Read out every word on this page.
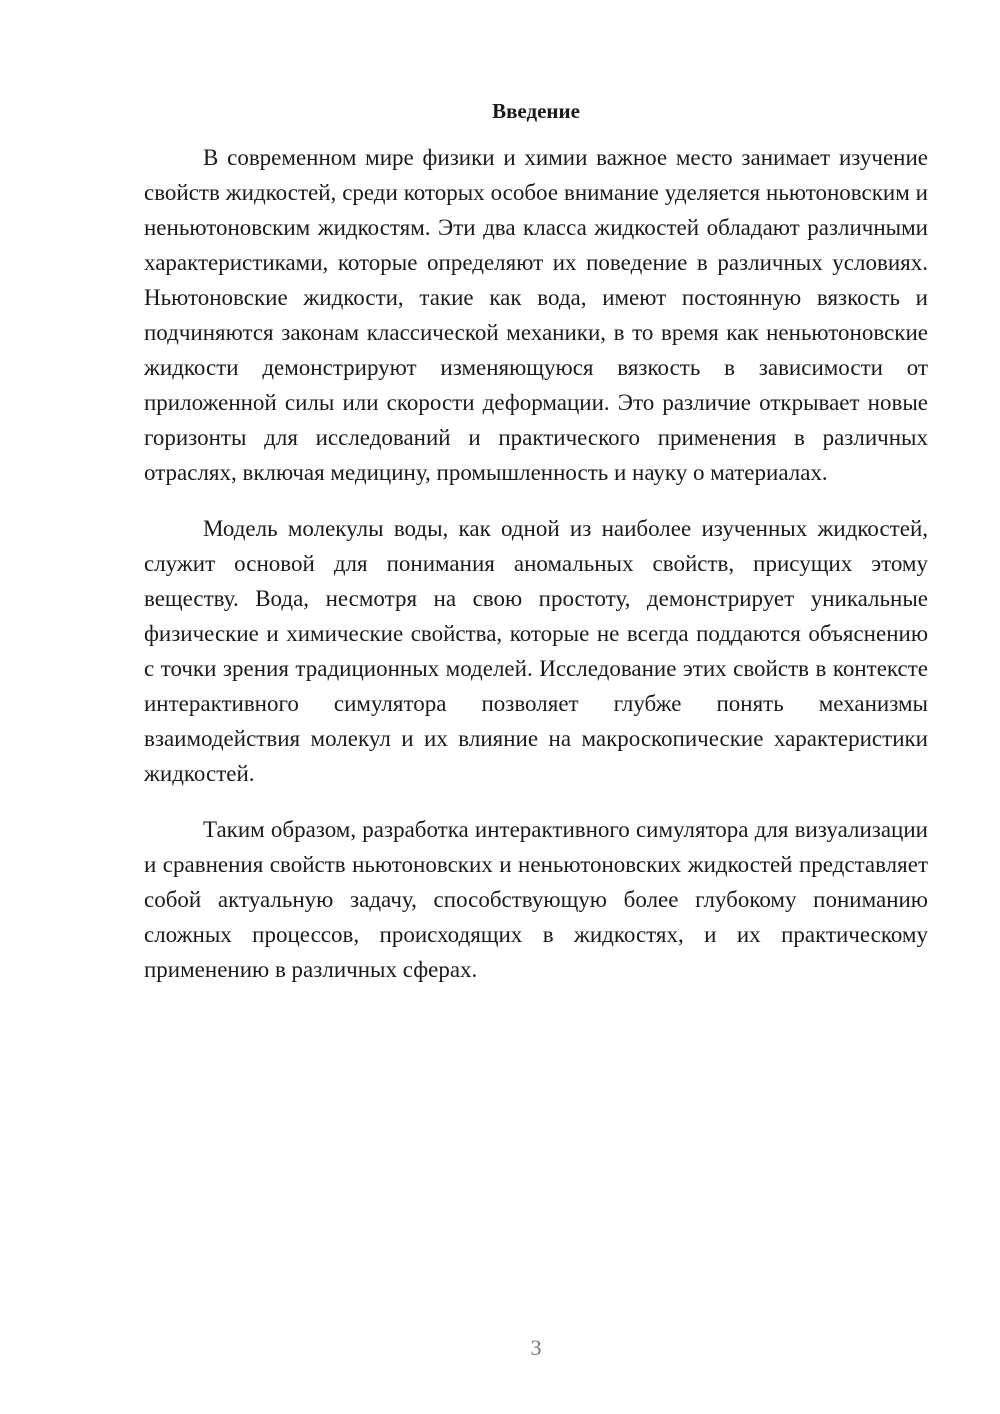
Введение

В современном мире физики и химии важное место занимает изучение свойств жидкостей, среди которых особое внимание уделяется ньютоновским и неньютоновским жидкостям. Эти два класса жидкостей обладают различными характеристиками, которые определяют их поведение в различных условиях. Ньютоновские жидкости, такие как вода, имеют постоянную вязкость и подчиняются законам классической механики, в то время как неньютоновские жидкости демонстрируют изменяющуюся вязкость в зависимости от приложенной силы или скорости деформации. Это различие открывает новые горизонты для исследований и практического применения в различных отраслях, включая медицину, промышленность и науку о материалах.

Модель молекулы воды, как одной из наиболее изученных жидкостей, служит основой для понимания аномальных свойств, присущих этому веществу. Вода, несмотря на свою простоту, демонстрирует уникальные физические и химические свойства, которые не всегда поддаются объяснению с точки зрения традиционных моделей. Исследование этих свойств в контексте интерактивного симулятора позволяет глубже понять механизмы взаимодействия молекул и их влияние на макроскопические характеристики жидкостей.

Таким образом, разработка интерактивного симулятора для визуализации и сравнения свойств ньютоновских и неньютоновских жидкостей представляет собой актуальную задачу, способствующую более глубокому пониманию сложных процессов, происходящих в жидкостях, и их практическому применению в различных сферах.

3
